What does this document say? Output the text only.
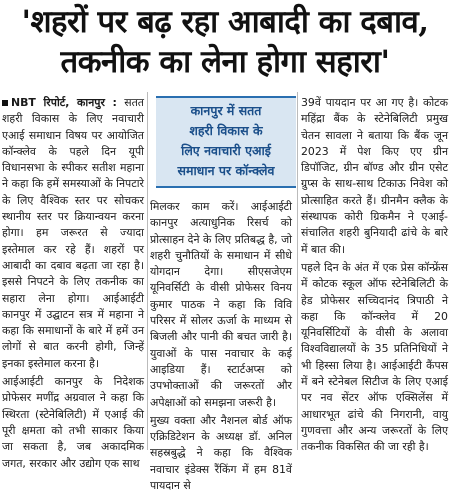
'शहरों पर बढ़ रहा आबादी का दबाव,
तकनीक का लेना होगा सहारा'

NBT रिपोर्ट, कानपुर : सतत शहरी विकास के लिए नवाचारी एआई समाधान विषय पर आयोजित कॉन्क्लेव के पहले दिन यूपी विधानसभा के स्पीकर सतीश महाना ने कहा कि हमें समस्याओं के निपटारे के लिए वैश्विक स्तर पर सोचकर स्थानीय स्तर पर क्रियान्वयन करना होगा। हम जरूरत से ज्यादा इस्तेमाल कर रहे हैं। शहरों पर आबादी का दबाव बढ़ता जा रहा है। इससे निपटने के लिए तकनीक का सहारा लेना होगा। आईआईटी कानपुर में उद्घाटन सत्र में महाना ने कहा कि समाधानों के बारे में हमें उन लोगों से बात करनी होगी, जिन्हें इनका इस्तेमाल करना है।

आईआईटी कानपुर के निदेशक प्रोफेसर मणींद्र अग्रवाल ने कहा कि स्थिरता (स्टेनेबिलिटी) में एआई की पूरी क्षमता को तभी साकार किया जा सकता है, जब अकादमिक जगत, सरकार और उद्योग एक साथ

कानपुर में सतत
शहरी विकास के
लिए नवाचारी एआई
समाधान पर कॉन्क्लेव

मिलकर काम करें। आईआईटी कानपुर अत्याधुनिक रिसर्च को प्रोत्साहन देने के लिए प्रतिबद्ध है, जो शहरी चुनौतियों के समाधान में सीधे योगदान देगा। सीएसजेएम यूनिवर्सिटी के वीसी प्रोफेसर विनय कुमार पाठक ने कहा कि विवि परिसर में सोलर ऊर्जा के माध्यम से बिजली और पानी की बचत जारी है। युवाओं के पास नवाचार के कई आइडिया हैं। स्टार्टअप्स को उपभोक्ताओं की जरूरतों और अपेक्षाओं को समझना जरूरी है।

मुख्य वक्ता और नैशनल बोर्ड ऑफ एक्रिडिटेशन के अध्यक्ष डॉ. अनिल सहस्रबुद्धे ने कहा कि वैश्विक नवाचार इंडेक्स रैंकिंग में हम 81वें पायदान से

39वें पायदान पर आ गए है। कोटक महिंद्रा बैंक के स्टेनेबिलिटी प्रमुख चेतन सावला ने बताया कि बैंक जून 2023 में पेश किए एए ग्रीन डिपॉजिट, ग्रीन बॉण्ड और ग्रीन एसेट ग्रुप्स के साथ-साथ टिकाऊ निवेश को प्रोत्साहित करते हैं। ग्रीनमैन क्लैक के संस्थापक कोरी ग्रिकमैन ने एआई-संचालित शहरी बुनियादी ढांचे के बारे में बात की।

पहले दिन के अंत में एक प्रेस कॉन्फ्रेंस में कोटक स्कूल ऑफ स्टेनेबिलिटी के हेड प्रोफेसर सच्चिदानंद त्रिपाठी ने कहा कि कॉन्क्लेव में 20 यूनिवर्सिटियों के वीसी के अलावा विश्वविद्यालयों के 35 प्रतिनिधियों ने भी हिस्सा लिया है। आईआईटी कैंपस में बने स्टेनेबल सिटीज के लिए एआई पर नव सेंटर ऑफ एक्सिलेंस में आधारभूत ढांचे की निगरानी, वायु गुणवत्ता और अन्य जरूरतों के लिए तकनीक विकसित की जा रही है।
